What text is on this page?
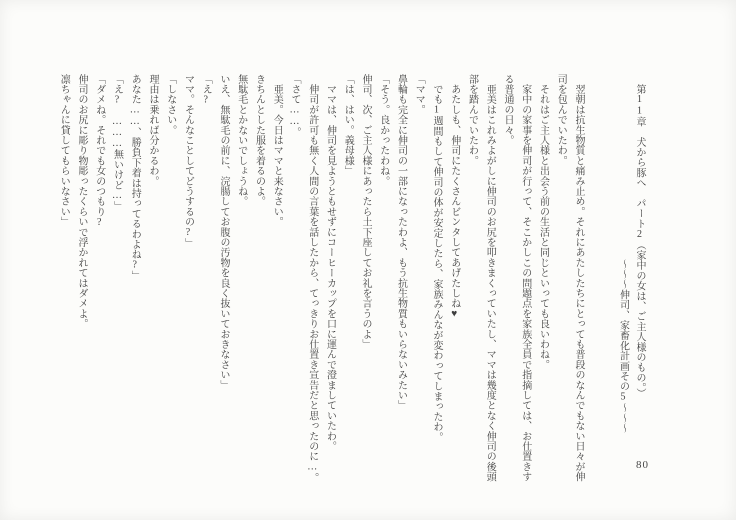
第11章　犬から豚へ　パート2（家中の女は、ご主人様のもの。）
〜〜〜伸司、家畜化計画その5〜〜〜
　翌朝は抗生物質と痛み止め。それにあたしたちにとっても普段のなんでもない日々が伸
司を包んでいたわ。
　それはご主人様と出会う前の生活と同じといっても良いわね。
　家中の家事を伸司が行って、そこかしこの問題点を家族全員で指摘しては、お仕置きす
る普通の日々。
　亜美はこれみよがしに伸司のお尻を叩きまくっていたし、ママは幾度となく伸司の後頭
部を踏んでいたわ。
　あたしも、伸司にたくさんビンタしてあげたしね♥
　でも1週間もして伸司の体が安定したら、家族みんなが変わってしまったわ。
「ママ。
鼻輪も完全に伸司の一部になったわよ、もう抗生物質もいらないみたい」
「そう。良かったわね。
伸司、次、ご主人様にあったら土下座してお礼を言うのよ」
「は、はい。義母様」
　ママは、伸司を見ようともせずにコーヒーカップを口に運んで澄ましていたわ。
　伸司が許可も無く人間の言葉を話したから、てっきりお仕置き宣告だと思ったのに…。
「さて……。
　亜美。今日はママと来なさい。
きちんとした服を着るのよ。
無駄毛とかないでしょうね。
いえ、無駄毛の前に、浣腸してお腹の汚物を良く抜いておきなさい」
「え?
ママ。そんなことしてどうするの?」
「しなさい。
理由は乗れば分かるわ。
あなた……、勝負下着は持ってるわよね?」
「え?　………無いけど…」
「ダメね。それでも女のつもり?
伸司のお尻に彫り物彫ったくらいで浮かれてはダメよ。
凛ちゃんに貸してもらいなさい」
80
